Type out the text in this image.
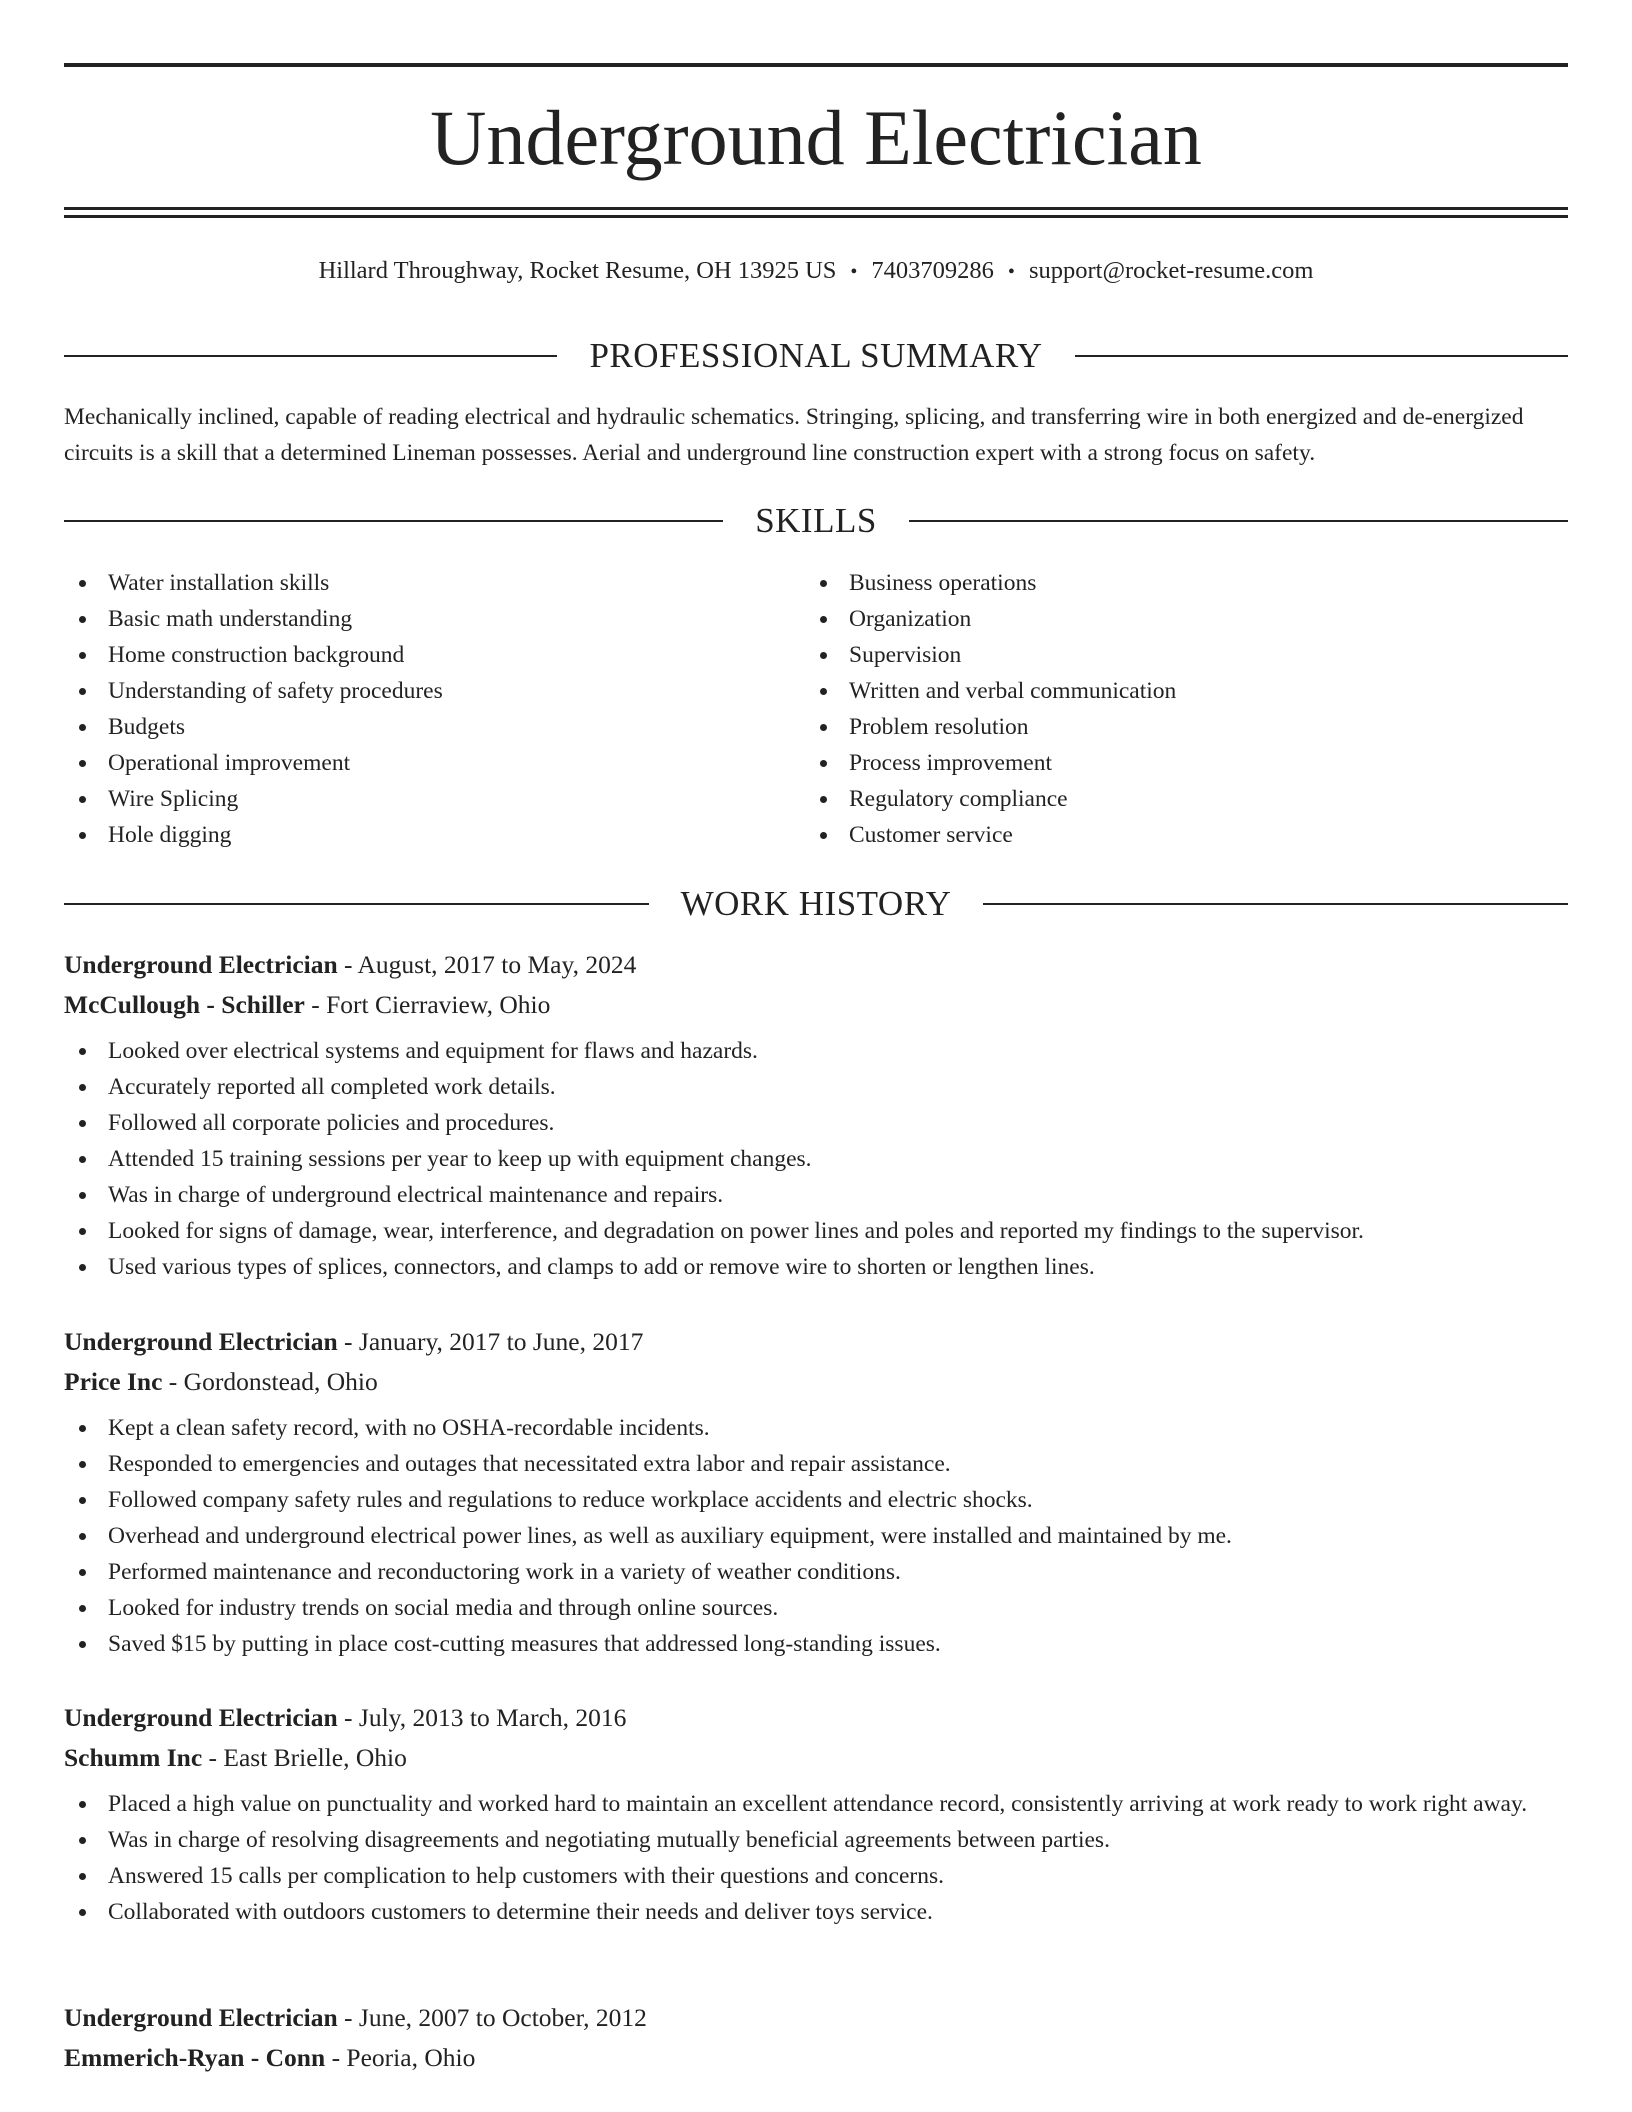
Underground Electrician
Hillard Throughway, Rocket Resume, OH 13925 US • 7403709286 • support@rocket-resume.com
PROFESSIONAL SUMMARY

Mechanically inclined, capable of reading electrical and hydraulic schematics. Stringing, splicing, and transferring wire in both energized and de-energized circuits is a skill that a determined Lineman possesses. Aerial and underground line construction expert with a strong focus on safety.

SKILLS
Water installation skills
Basic math understanding
Home construction background
Understanding of safety procedures
Budgets
Operational improvement
Wire Splicing
Hole digging
Business operations
Organization
Supervision
Written and verbal communication
Problem resolution
Process improvement
Regulatory compliance
Customer service
WORK HISTORY

Underground Electrician - August, 2017 to May, 2024

McCullough - Schiller - Fort Cierraview, Ohio

Looked over electrical systems and equipment for flaws and hazards.
Accurately reported all completed work details.
Followed all corporate policies and procedures.
Attended 15 training sessions per year to keep up with equipment changes.
Was in charge of underground electrical maintenance and repairs.
Looked for signs of damage, wear, interference, and degradation on power lines and poles and reported my findings to the supervisor.
Used various types of splices, connectors, and clamps to add or remove wire to shorten or lengthen lines.

Underground Electrician - January, 2017 to June, 2017

Price Inc - Gordonstead, Ohio

Kept a clean safety record, with no OSHA-recordable incidents.
Responded to emergencies and outages that necessitated extra labor and repair assistance.
Followed company safety rules and regulations to reduce workplace accidents and electric shocks.
Overhead and underground electrical power lines, as well as auxiliary equipment, were installed and maintained by me.
Performed maintenance and reconductoring work in a variety of weather conditions.
Looked for industry trends on social media and through online sources.
Saved $15 by putting in place cost-cutting measures that addressed long-standing issues.

Underground Electrician - July, 2013 to March, 2016

Schumm Inc - East Brielle, Ohio

Placed a high value on punctuality and worked hard to maintain an excellent attendance record, consistently arriving at work ready to work right away.
Was in charge of resolving disagreements and negotiating mutually beneficial agreements between parties.
Answered 15 calls per complication to help customers with their questions and concerns.
Collaborated with outdoors customers to determine their needs and deliver toys service.

Underground Electrician - June, 2007 to October, 2012

Emmerich-Ryan - Conn - Peoria, Ohio
